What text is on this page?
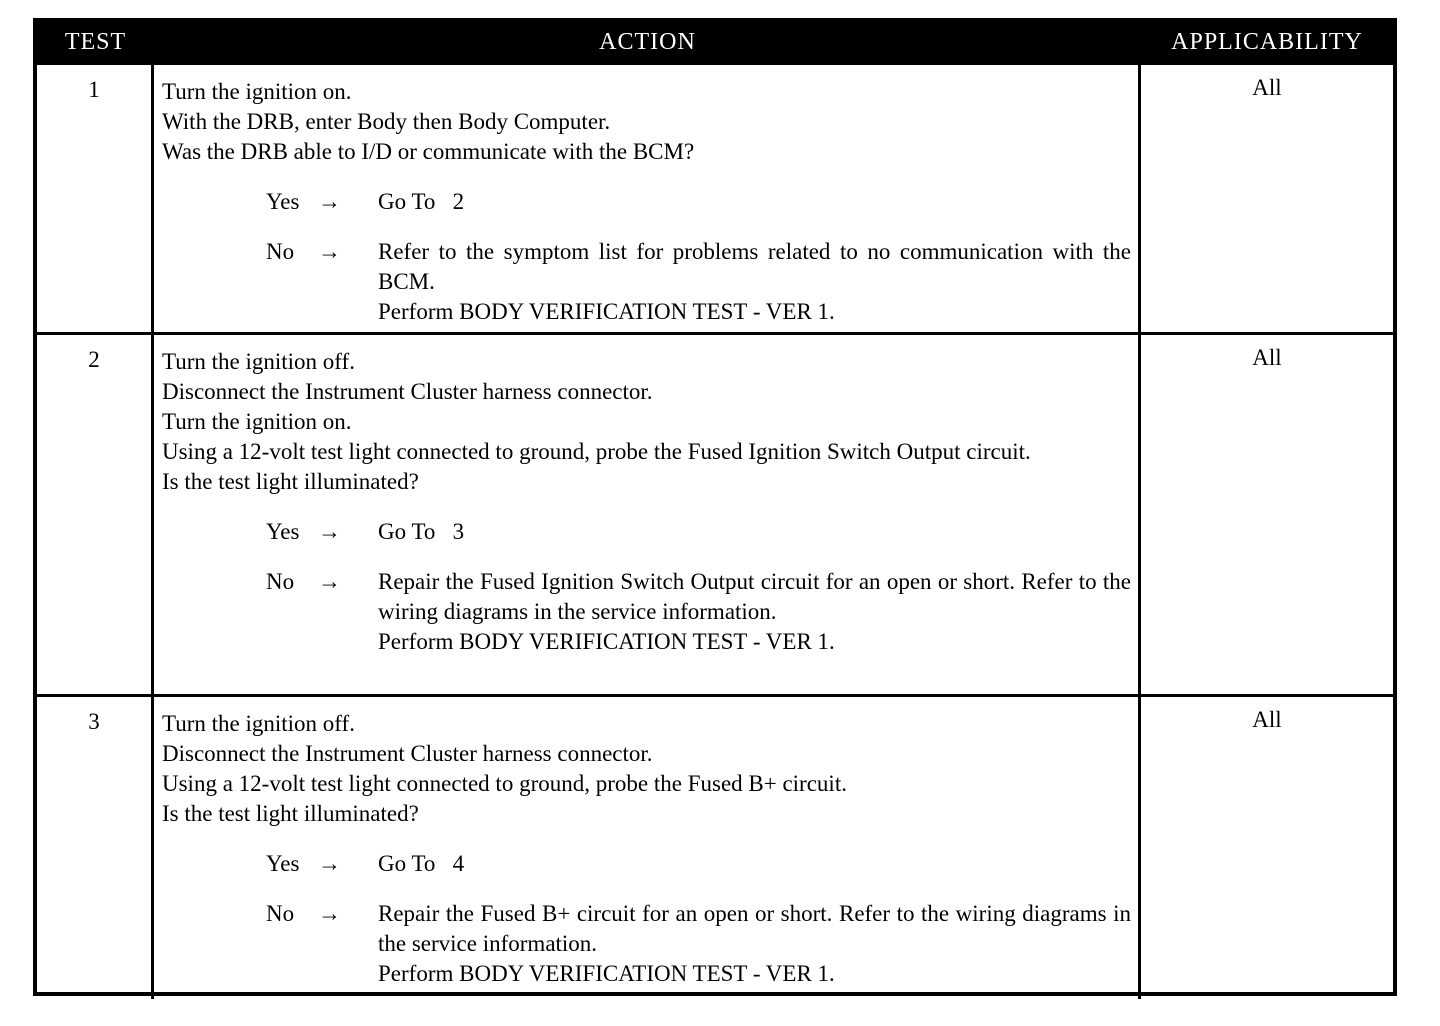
TEST	ACTION	APPLICABILITY
1	Turn the ignition on.
With the DRB, enter Body then Body Computer.
Was the DRB able to I/D or communicate with the BCM?
Yes →	Go To   2
No	→	Refer to the symptom list for problems related to no communication with the BCM.
Perform BODY VERIFICATION TEST - VER 1.
All
2	Turn the ignition off.
Disconnect the Instrument Cluster harness connector.
Turn the ignition on.
Using a 12-volt test light connected to ground, probe the Fused Ignition Switch Output circuit.
Is the test light illuminated?
Yes →	Go To   3
No	→	Repair the Fused Ignition Switch Output circuit for an open or short. Refer to the wiring diagrams in the service information.
Perform BODY VERIFICATION TEST - VER 1.
All
3	Turn the ignition off.
Disconnect the Instrument Cluster harness connector.
Using a 12-volt test light connected to ground, probe the Fused B+ circuit.
Is the test light illuminated?
Yes →	Go To   4
No	→	Repair the Fused B+ circuit for an open or short. Refer to the wiring diagrams in the service information.
Perform BODY VERIFICATION TEST - VER 1.
All
